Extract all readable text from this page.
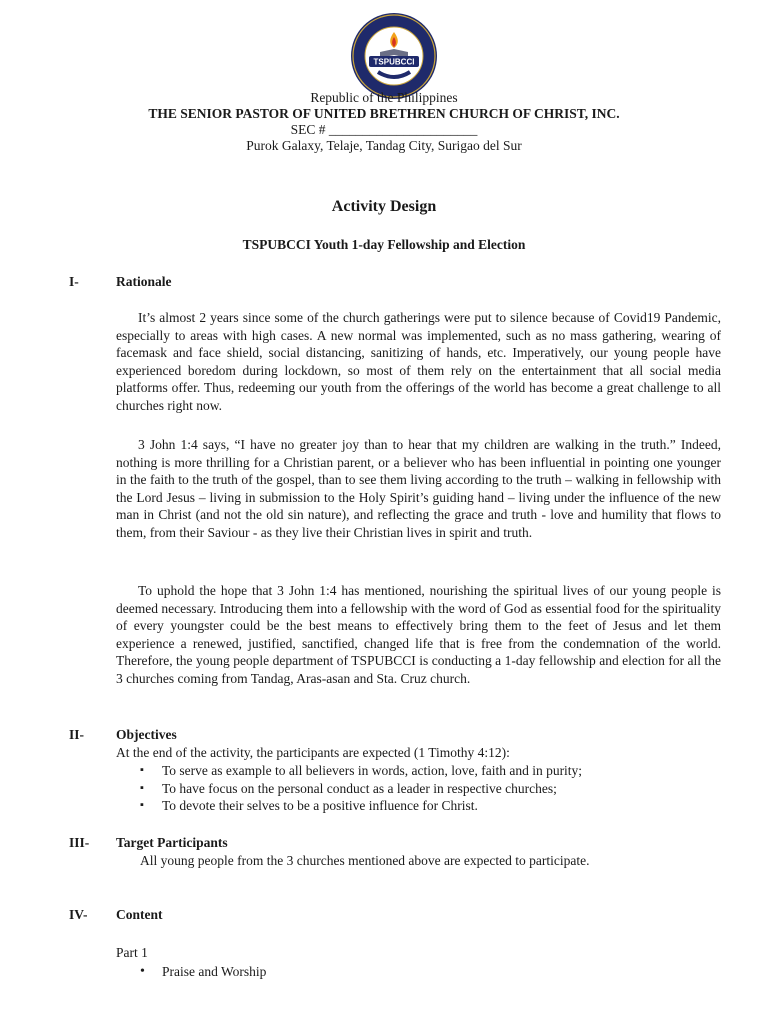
TSPUBCCI
Republic of the Philippines
THE SENIOR PASTOR OF UNITED BRETHREN CHURCH OF CHRIST, INC.
SEC # ______________________
Purok Galaxy, Telaje, Tandag City, Surigao del Sur
Activity Design
TSPUBCCI Youth 1-day Fellowship and Election
I-	Rationale

It’s almost 2 years since some of the church gatherings were put to silence because of Covid19 Pandemic, especially to areas with high cases. A new normal was implemented, such as no mass gathering, wearing of facemask and face shield, social distancing, sanitizing of hands, etc. Imperatively, our young people have experienced boredom during lockdown, so most of them rely on the entertainment that all social media platforms offer. Thus, redeeming our youth from the offerings of the world has become a great challenge to all churches right now.

3 John 1:4 says, “I have no greater joy than to hear that my children are walking in the truth.” Indeed, nothing is more thrilling for a Christian parent, or a believer who has been influential in pointing one younger in the faith to the truth of the gospel, than to see them living according to the truth – walking in fellowship with the Lord Jesus – living in submission to the Holy Spirit’s guiding hand – living under the influence of the new man in Christ (and not the old sin nature), and reflecting the grace and truth - love and humility that flows to them, from their Saviour - as they live their Christian lives in spirit and truth.

To uphold the hope that 3 John 1:4 has mentioned, nourishing the spiritual lives of our young people is deemed necessary. Introducing them into a fellowship with the word of God as essential food for the spirituality of every youngster could be the best means to effectively bring them to the feet of Jesus and let them experience a renewed, justified, sanctified, changed life that is free from the condemnation of the world. Therefore, the young people department of TSPUBCCI is conducting a 1-day fellowship and election for all the 3 churches coming from Tandag, Aras-asan and Sta. Cruz church.

II- Objectives

At the end of the activity, the participants are expected (1 Timothy 4:12):

▪ To serve as example to all believers in words, action, love, faith and in purity;
▪ To have focus on the personal conduct as a leader in respective churches;
▪ To devote their selves to be a positive influence for Christ.
III- Target Participants

All young people from the 3 churches mentioned above are expected to participate.

IV- Content

Part 1

• Praise and Worship
